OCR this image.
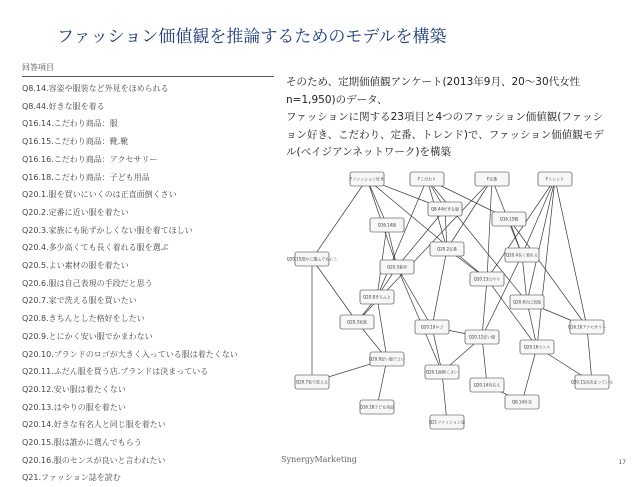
ファッション価値観を推論するためのモデルを構築
回答項目
Q8.14.容姿や服装など外見をほめられる
Q8.44.好きな服を着る
Q16.14.こだわり商品：服
Q16.15.こだわり商品：靴.靴
Q16.16.こだわり商品：アクセサリー
Q16.18.こだわり商品：子ども用品
Q20.1.服を買いにいくのは正直面倒くさい
Q20.2.定番に近い服を着たい
Q20.3.家族にも恥ずかしくない服を着てほしい
Q20.4.多少高くても長く着れる服を選ぶ
Q20.5.よい素材の服を着たい
Q20.6.服は自己表現の手段だと思う
Q20.7.家で洗える服を買いたい
Q20.8.きちんとした格好をしたい
Q20.9.とにかく安い服でかまわない
Q20.10.ブランドのロゴが大きく入っている服は着たくない
Q20.11.ふだん服を買う店.ブランドは決まっている
Q20.12.安い服は着たくない
Q20.13.はやりの服を着たい
Q20.14.好きな有名人と同じ服を着たい
Q20.15.服は誰かに選んでもらう
Q20.16.服のセンスが良いと言われたい
Q21.ファッション誌を読む

そのため、定期価値観アンケート(2013年9月、20～30代女性n=1,950)のデータ、

ファッションに関する23項目と4つのファッション価値観(ファッション好き、こだわり、定番、トレンド)で、ファッション価値観モデル(ベイジアンネットワーク)を構築

Fファッション好き	Fこだわり	F定番	Fトレンド
Q8.44好きな服
Q16.15靴
Q16.14服
Q20.2定番
Q20.5素材
Q20.15誰かに選んでもらう
Q20.4長く着れる
Q20.13はやり
Q20.8きちんと
Q20.6自己表現
Q20.3家族
Q20.10ロゴ
Q20.12安い服
Q20.16センス
Q16.16アクセサリー
Q20.9安い服でよい
Q20.1面倒くさい
Q20.14有名人
Q20.7家で洗える	Q20.11店決まっている
Q8.14外見
Q16.18子ども用品
Q21ファッション誌
SynergyMarketing	17
